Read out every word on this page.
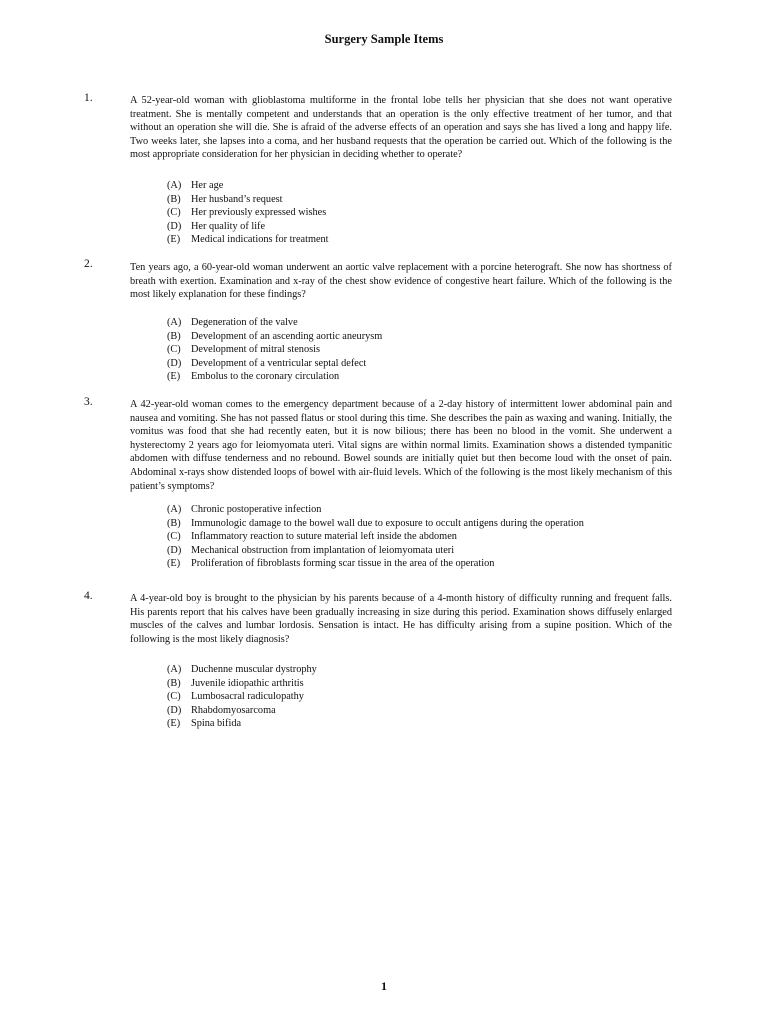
Surgery Sample Items
1.	A 52-year-old woman with glioblastoma multiforme in the frontal lobe tells her physician that she does not want operative treatment. She is mentally competent and understands that an operation is the only effective treatment of her tumor, and that without an operation she will die. She is afraid of the adverse effects of an operation and says she has lived a long and happy life. Two weeks later, she lapses into a coma, and her husband requests that the operation be carried out. Which of the following is the most appropriate consideration for her physician in deciding whether to operate?
(A) Her age
(B) Her husband’s request
(C) Her previously expressed wishes
(D) Her quality of life
(E)	Medical indications for treatment
2.	Ten years ago, a 60-year-old woman underwent an aortic valve replacement with a porcine heterograft. She now has shortness of breath with exertion. Examination and x-ray of the chest show evidence of congestive heart failure. Which of the following is the most likely explanation for these findings?
(A) Degeneration of the valve
(B) Development of an ascending aortic aneurysm
(C) Development of mitral stenosis
(D) Development of a ventricular septal defect
(E)	Embolus to the coronary circulation
3.	A 42-year-old woman comes to the emergency department because of a 2-day history of intermittent lower abdominal pain and nausea and vomiting. She has not passed flatus or stool during this time. She describes the pain as waxing and waning. Initially, the vomitus was food that she had recently eaten, but it is now bilious; there has been no blood in the vomit. She underwent a hysterectomy 2 years ago for leiomyomata uteri. Vital signs are within normal limits. Examination shows a distended tympanitic abdomen with diffuse tenderness and no rebound. Bowel sounds are initially quiet but then become loud with the onset of pain. Abdominal x-rays show distended loops of bowel with air-fluid levels. Which of the following is the most likely mechanism of this patient’s symptoms?
(A) Chronic postoperative infection
(B) Immunologic damage to the bowel wall due to exposure to occult antigens during the operation
(C) Inflammatory reaction to suture material left inside the abdomen
(D) Mechanical obstruction from implantation of leiomyomata uteri
(E)	Proliferation of fibroblasts forming scar tissue in the area of the operation
4.	A 4-year-old boy is brought to the physician by his parents because of a 4-month history of difficulty running and frequent falls. His parents report that his calves have been gradually increasing in size during this period. Examination shows diffusely enlarged muscles of the calves and lumbar lordosis. Sensation is intact. He has difficulty arising from a supine position. Which of the following is the most likely diagnosis?
(A) Duchenne muscular dystrophy
(B) Juvenile idiopathic arthritis
(C) Lumbosacral radiculopathy
(D) Rhabdomyosarcoma
(E)	Spina bifida
1
